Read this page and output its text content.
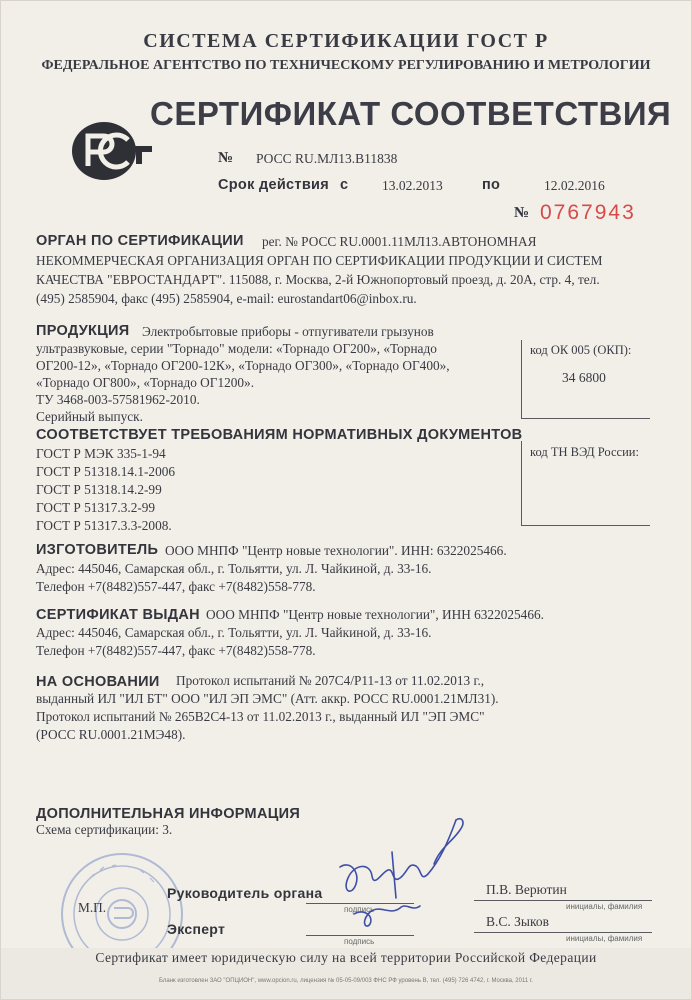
СИСТЕМА СЕРТИФИКАЦИИ ГОСТ Р
ФЕДЕРАЛЬНОЕ АГЕНТСТВО ПО ТЕХНИЧЕСКОМУ РЕГУЛИРОВАНИЮ И МЕТРОЛОГИИ
СЕРТИФИКАТ СООТВЕТСТВИЯ
№ РОСС RU.МЛ13.В11838
Срок действия с 13.02.2013	по	12.02.2016
№ 0767943
ОРГАН ПО СЕРТИФИКАЦИИ рег. № РОСС RU.0001.11МЛ13.АВТОНОМНАЯ
НЕКОММЕРЧЕСКАЯ ОРГАНИЗАЦИЯ ОРГАН ПО СЕРТИФИКАЦИИ ПРОДУКЦИИ И СИСТЕМ
КАЧЕСТВА "ЕВРОСТАНДАРТ". 115088, г. Москва, 2-й Южнопортовый проезд, д. 20А, стр. 4, тел.
(495) 2585904, факс (495) 2585904, e-mail: eurostandart06@inbox.ru.
ПРОДУКЦИЯ Электробытовые приборы - отпугиватели грызунов
ультразвуковые, серии "Торнадо" модели: «Торнадо ОГ200», «Торнадо
ОГ200-12», «Торнадо ОГ200-12К», «Торнадо ОГ300», «Торнадо ОГ400»,
«Торнадо ОГ800», «Торнадо ОГ1200».
ТУ 3468-003-57581962-2010.
Серийный выпуск.
код ОК 005 (ОКП):
34 6800
СООТВЕТСТВУЕТ ТРЕБОВАНИЯМ НОРМАТИВНЫХ ДОКУМЕНТОВ
ГОСТ Р МЭК 335-1-94
ГОСТ Р 51318.14.1-2006
ГОСТ Р 51318.14.2-99
ГОСТ Р 51317.3.2-99
ГОСТ Р 51317.3.3-2008.
код ТН ВЭД России:
ИЗГОТОВИТЕЛЬ ООО МНПФ "Центр новые технологии". ИНН: 6322025466.
Адрес: 445046, Самарская обл., г. Тольятти, ул. Л. Чайкиной, д. 33-16.
Телефон +7(8482)557-447, факс +7(8482)558-778.
СЕРТИФИКАТ ВЫДАН ООО МНПФ "Центр новые технологии", ИНН 6322025466.
Адрес: 445046, Самарская обл., г. Тольятти, ул. Л. Чайкиной, д. 33-16.
Телефон +7(8482)557-447, факс +7(8482)558-778.
НА ОСНОВАНИИ Протокол испытаний № 207С4/Р11-13 от 11.02.2013 г.,
выданный ИЛ "ИЛ БТ" ООО "ИЛ ЭП ЭМС" (Атт. аккр. РОСС RU.0001.21МЛ31).
Протокол испытаний № 265В2С4-13 от 11.02.2013 г., выданный ИЛ "ЭП ЭМС"
(РОСС RU.0001.21МЭ48).
ДОПОЛНИТЕЛЬНАЯ ИНФОРМАЦИЯ
Схема сертификации: 3.
М.П.
Руководитель органа
подпись
П.В. Верютин
инициалы, фамилия
Эксперт
подпись
В.С. Зыков
инициалы, фамилия
Сертификат имеет юридическую силу на всей территории Российской Федерации
Бланк изготовлен ЗАО "ОПЦИОН", www.opcion.ru, лицензия № 05-05-09/003 ФНС РФ уровень В, тел. (495) 726 4742, г. Москва, 2011 г.
